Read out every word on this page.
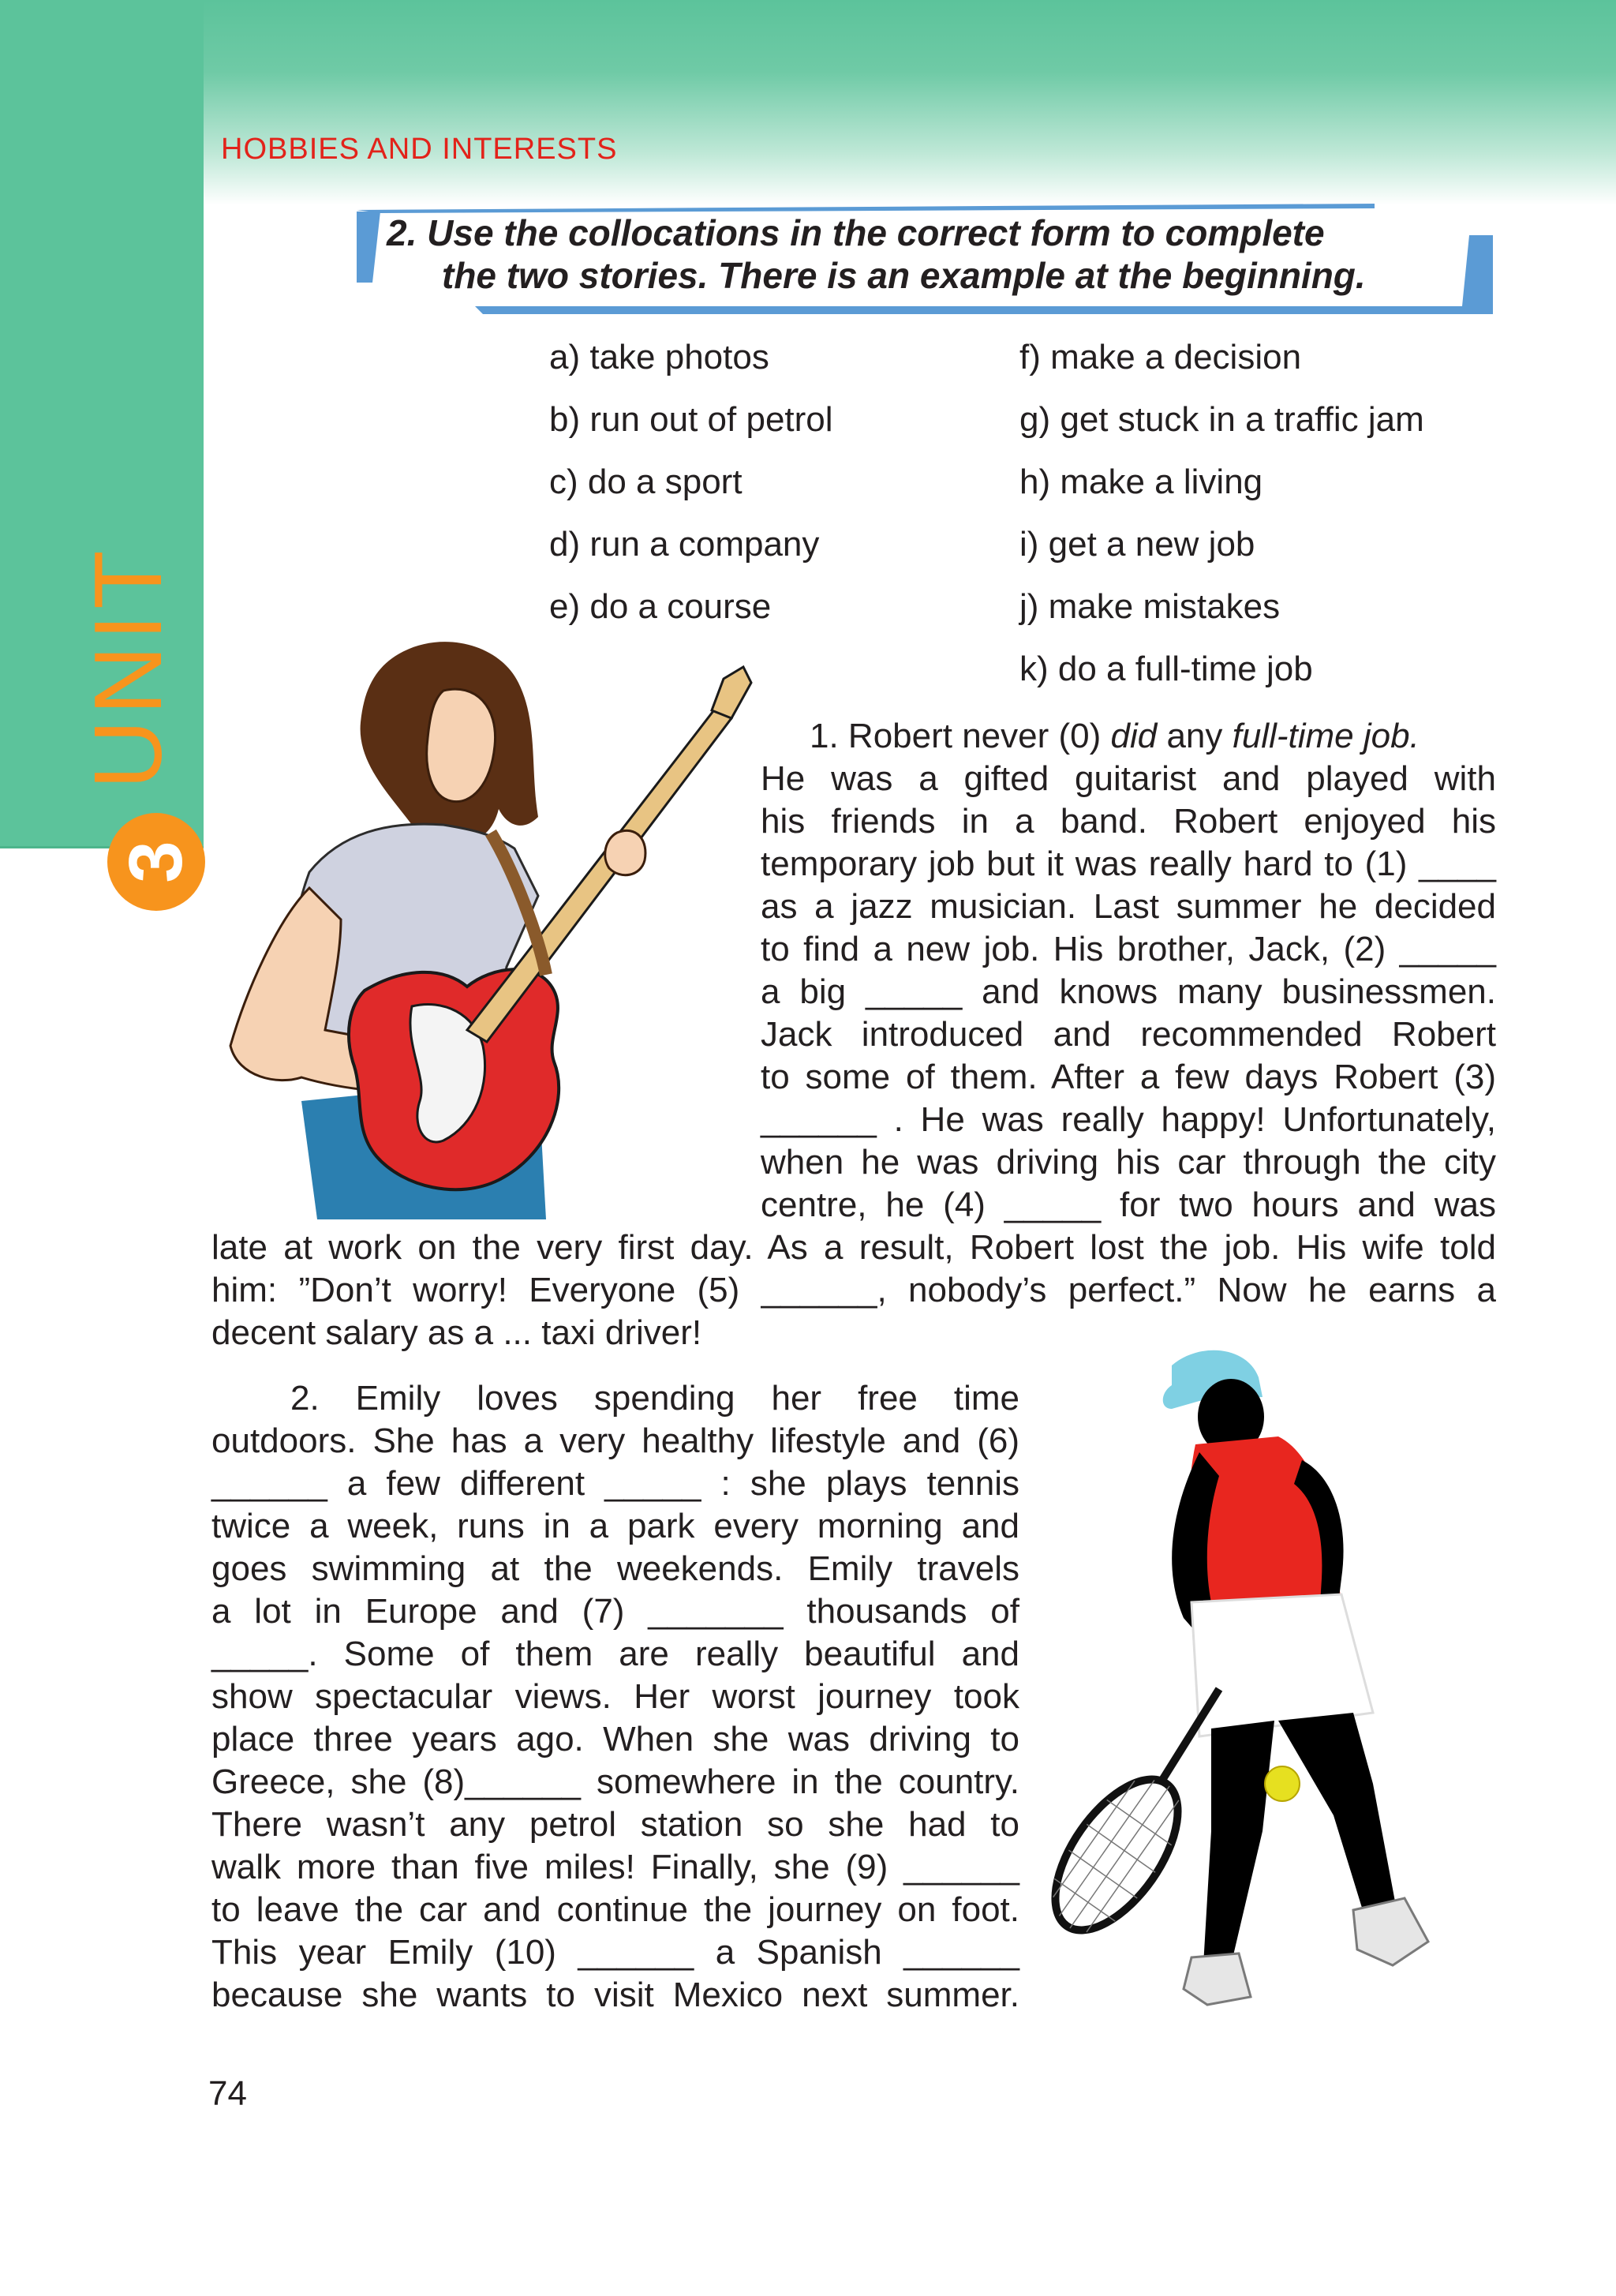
UNIT
3
HOBBIES AND INTERESTS
2. Use the collocations in the correct form to complete
the two stories. There is an example at the beginning.
a) take photos
b) run out of petrol
c) do a sport
d) run a company
e) do a course
f) make a decision
g) get stuck in a traffic jam
h) make a living
i) get a new job
j) make mistakes
k) do a full-time job
1. Robert never (0) did any full-time job.
He was a gifted guitarist and played with
his friends in a band. Robert enjoyed his
temporary job but it was really hard to (1) ____
as a jazz musician. Last summer he decided
to find a new job. His brother, Jack, (2) _____
a big _____ and knows many businessmen.
Jack introduced and recommended Robert
to some of them. After a few days Robert (3)
______ . He was really happy! Unfortunately,
when he was driving his car through the city
centre, he (4) _____ for two hours and was
late at work on the very first day. As a result, Robert lost the job. His wife told
him: ”Don’t worry! Everyone (5) ______, nobody’s perfect.” Now he earns a
decent salary as a ... taxi driver!
2. Emily loves spending her free time
outdoors. She has a very healthy lifestyle and (6)
______ a few different _____ : she plays tennis
twice a week, runs in a park every morning and
goes swimming at the weekends. Emily travels
a lot in Europe and (7) _______ thousands of
_____. Some of them are really beautiful and
show spectacular views. Her worst journey took
place three years ago. When she was driving to
Greece, she (8)______ somewhere in the country.
There wasn’t any petrol station so she had to
walk more than five miles! Finally, she (9) ______
to leave the car and continue the journey on foot.
This year Emily (10) ______ a Spanish ______
because she wants to visit Mexico next summer.
74
